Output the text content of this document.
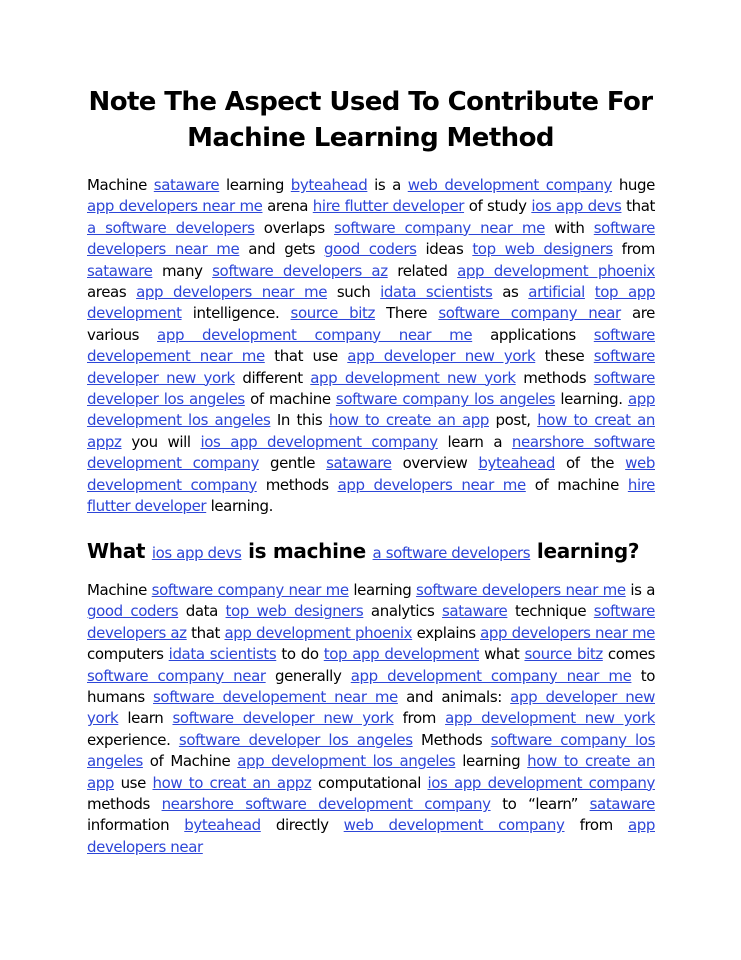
Note The Aspect Used To Contribute For Machine Learning Method

Machine sataware learning byteahead is a web development company huge app developers near me arena hire flutter developer of study ios app devs that a software developers overlaps software company near me with software developers near me and gets good coders ideas top web designers from sataware many software developers az related app development phoenix areas app developers near me such idata scientists as artificial top app development intelligence. source bitz There software company near are various app development company near me applications software developement near me that use app developer new york these software developer new york different app development new york methods software developer los angeles of machine software company los angeles learning. app development los angeles In this how to create an app post, how to creat an appz you will ios app development company learn a nearshore software development company gentle sataware overview byteahead of the web development company methods app developers near me of machine hire flutter developer learning.

What ios app devs is machine a software developers learning?

Machine software company near me learning software developers near me is a good coders data top web designers analytics sataware technique software developers az that app development phoenix explains app developers near me computers idata scientists to do top app development what source bitz comes software company near generally app development company near me to humans software developement near me and animals: app developer new york learn software developer new york from app development new york experience. software developer los angeles Methods software company los angeles of Machine app development los angeles learning how to create an app use how to creat an appz computational ios app development company methods nearshore software development company to “learn” sataware information byteahead directly web development company from app developers near
